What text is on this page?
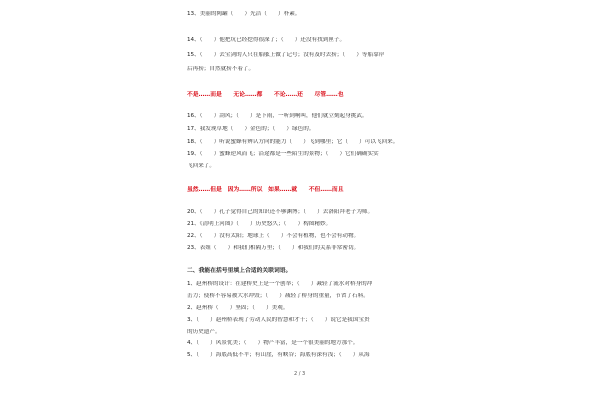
13、美丽的陶罐（　　）光洁（　　）朴素。
14、（　　）他把坑已经挖得很深了；（　　）还没有找到匣子。
15、（　　）去宝剑的人只在船舷上做了记号；没有及时去捞；（　　）等船靠岸
后再捞；自然就捞不着了。
不是……而是　　无论……都　　不论……还　　尽管……也
16、（　　）刮风；（　　）是下雨，一听到响叫，他们就立刻起身挑武。
17、我发现草地（　　）金色的；（　　）绿色的。
18、（　　）听说蜜蜂有辨认方向的能力（　　）飞到哪里；它（　　）可以飞回来。
19、（　　）蜜蜂逆风而飞；沿途都是一些陌生的景物；（　　）它们确确实实
飞回来了。
虽然……但是　因为……所以　如果……就　　不但……而且
20、（　　）孔子觉得自己的知识还不够渊博；（　　）去洛阳拜老子为师。
21、《清明上河图》（　　）历史悠久；（　　）构图精妙。
22、（　　）没有太阳；地球上（　　）不会有植物，也不会有动物。
23、表姐（　　）和我们相隔万里；（　　）和我们的关系非常密切。
二、我能在括号里填上合适的关联词语。
1、赵州桥的设计：在建桥史上是一个创举；（　　）减轻了流水对桥身的冲
击力；使桥不容易被大水冲毁；（　　）减轻了桥身的重量，节省了石料。
2、赵州桥（　　）坚固；（　　）美观。
3、（　　）赵州桥表现了劳动人民的智慧和才干；（　　）说它是我国宝贵
的历史遗产。
4、（　　）风景优美；（　　）物产丰富，是一个很美丽的地方那个。
5、（　　）海底高低不平；有山崖，有峡谷；海底有深有浅；（　　）从海
2 / 3
